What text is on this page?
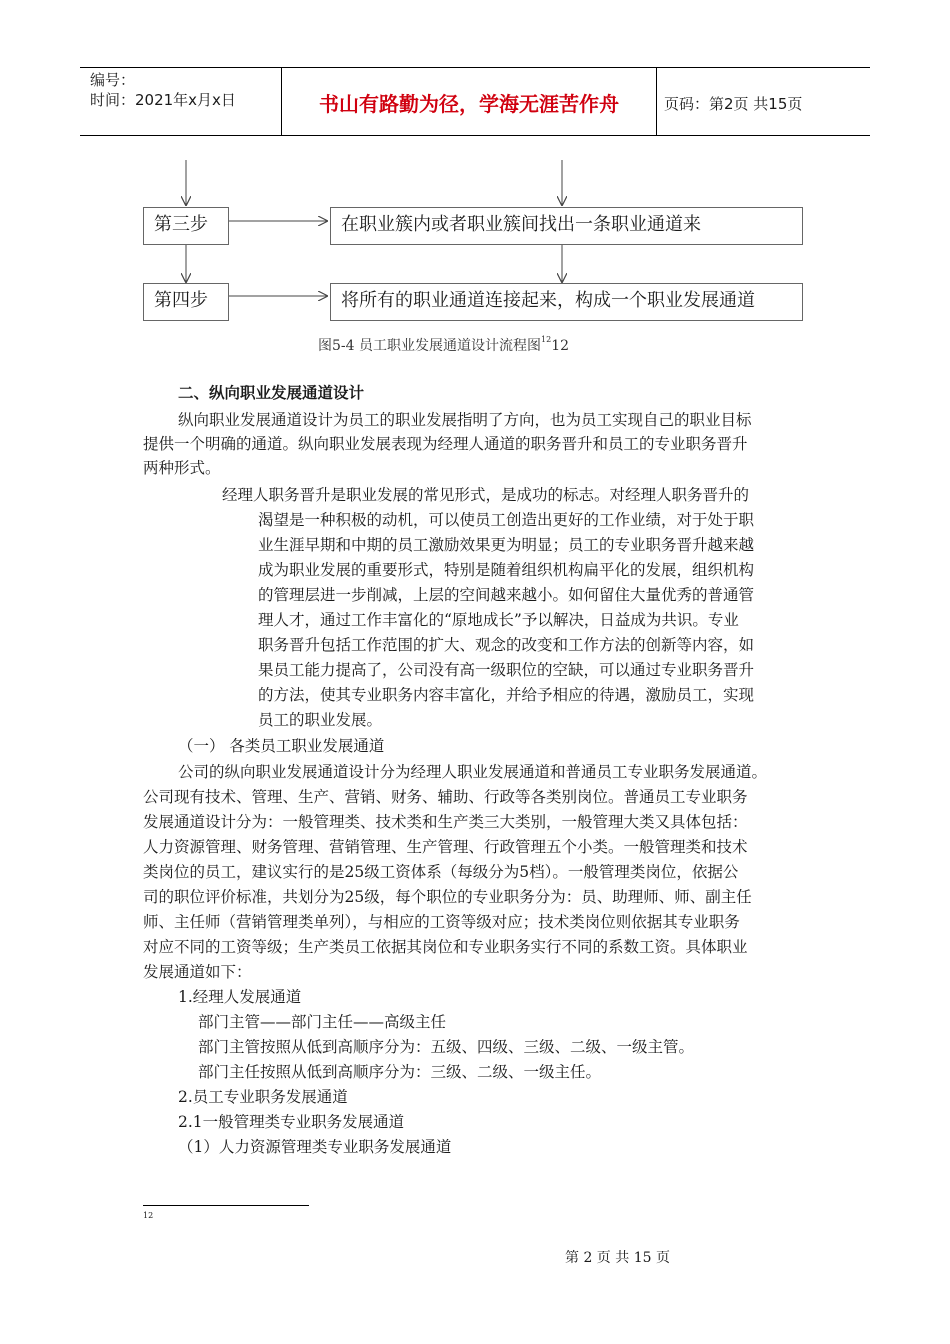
编号：
时间：2021年x月x日	书山有路勤为径，学海无涯苦作舟	页码：第2页 共15页
第三步	在职业簇内或者职业簇间找出一条职业通道来
第四步	将所有的职业通道连接起来，构成一个职业发展通道
图5-4 员工职业发展通道设计流程图$^{12}$12

二、纵向职业发展通道设计

纵向职业发展通道设计为员工的职业发展指明了方向，也为员工实现自己的职业目标

提供一个明确的通道。纵向职业发展表现为经理人通道的职务晋升和员工的专业职务晋升

两种形式。

经理人职务晋升是职业发展的常见形式，是成功的标志。对经理人职务晋升的

渴望是一种积极的动机，可以使员工创造出更好的工作业绩，对于处于职

业生涯早期和中期的员工激励效果更为明显；员工的专业职务晋升越来越

成为职业发展的重要形式，特别是随着组织机构扁平化的发展，组织机构

的管理层进一步削减，上层的空间越来越小。如何留住大量优秀的普通管

理人才，通过工作丰富化的“原地成长”予以解决，日益成为共识。专业

职务晋升包括工作范围的扩大、观念的改变和工作方法的创新等内容，如

果员工能力提高了，公司没有高一级职位的空缺，可以通过专业职务晋升

的方法，使其专业职务内容丰富化，并给予相应的待遇，激励员工，实现

员工的职业发展。

（一） 各类员工职业发展通道

公司的纵向职业发展通道设计分为经理人职业发展通道和普通员工专业职务发展通道。

公司现有技术、管理、生产、营销、财务、辅助、行政等各类别岗位。普通员工专业职务

发展通道设计分为：一般管理类、技术类和生产类三大类别，一般管理大类又具体包括：

人力资源管理、财务管理、营销管理、生产管理、行政管理五个小类。一般管理类和技术

类岗位的员工，建议实行的是25级工资体系（每级分为5档）。一般管理类岗位，依据公

司的职位评价标准，共划分为25级，每个职位的专业职务分为：员、助理师、师、副主任

师、主任师（营销管理类单列），与相应的工资等级对应；技术类岗位则依据其专业职务

对应不同的工资等级；生产类员工依据其岗位和专业职务实行不同的系数工资。具体职业

发展通道如下：

1.经理人发展通道

部门主管——部门主任——高级主任

部门主管按照从低到高顺序分为：五级、四级、三级、二级、一级主管。

部门主任按照从低到高顺序分为：三级、二级、一级主任。

2.员工专业职务发展通道

2.1一般管理类专业职务发展通道

（1）人力资源管理类专业职务发展通道

12
第 2 页 共 15 页
